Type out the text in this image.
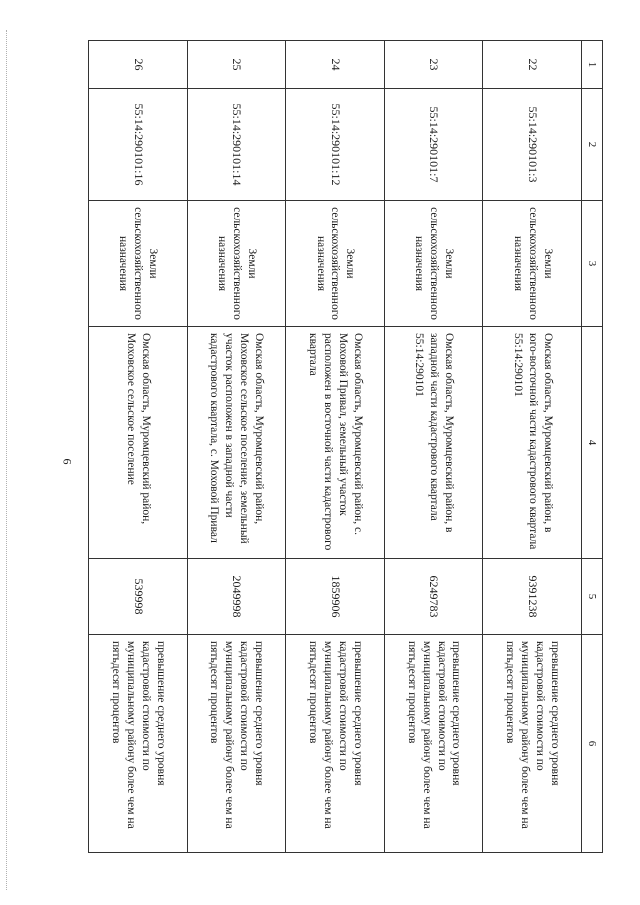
6
1	2	3	4	5	6
22	55:14:290101:3	Земли сельскохозяйственного назначения	Омская область, Муромцевский район, в юго-восточной части кадастрового квартала 55:14:290101	9391238	превышение среднего уровня кадастровой стоимости по муниципальному району более чем на пятьдесят процентов
23	55:14:290101:7	Земли сельскохозяйственного назначения	Омская область, Муромцевский район, в западной части кадастрового квартала 55:14:290101	6249783	превышение среднего уровня кадастровой стоимости по муниципальному району более чем на пятьдесят процентов
24	55:14:290101:12	Земли сельскохозяйственного назначения	Омская область, Муромцевский район, с. Моховой Привал, земельный участок расположен в восточной части кадастрового квартала	1859906	превышение среднего уровня кадастровой стоимости по муниципальному району более чем на пятьдесят процентов
25	55:14:290101:14	Земли сельскохозяйственного назначения	Омская область, Муромцевский район, Моховское сельское поселение, земельный участок расположен в западной части кадастрового квартала, с. Моховой Привал	2049998	превышение среднего уровня кадастровой стоимости по муниципальному району более чем на пятьдесят процентов
26	55:14:290101:16	Земли сельскохозяйственного назначения	Омская область, Муромцевский район, Моховское сельское поселение	539998	превышение среднего уровня кадастровой стоимости по муниципальному району более чем на пятьдесят процентов
